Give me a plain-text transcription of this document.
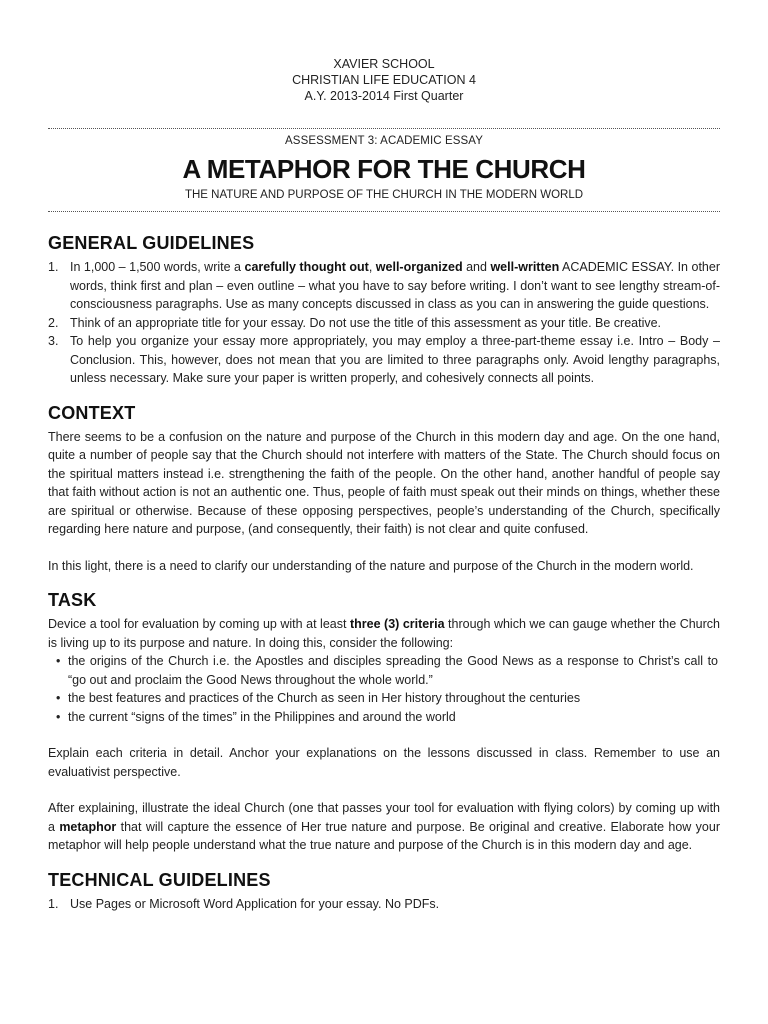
XAVIER SCHOOL
CHRISTIAN LIFE EDUCATION 4
A.Y. 2013-2014 First Quarter
ASSESSMENT 3: ACADEMIC ESSAY
A METAPHOR FOR THE CHURCH
THE NATURE AND PURPOSE OF THE CHURCH IN THE MODERN WORLD
GENERAL GUIDELINES
1. In 1,000 – 1,500 words, write a carefully thought out, well-organized and well-written ACADEMIC ESSAY. In other words, think first and plan – even outline – what you have to say before writing. I don’t want to see lengthy stream-of-consciousness paragraphs. Use as many concepts discussed in class as you can in answering the guide questions.
2. Think of an appropriate title for your essay. Do not use the title of this assessment as your title. Be creative.
3. To help you organize your essay more appropriately, you may employ a three-part-theme essay i.e. Intro – Body – Conclusion. This, however, does not mean that you are limited to three paragraphs only. Avoid lengthy paragraphs, unless necessary. Make sure your paper is written properly, and cohesively connects all points.
CONTEXT

There seems to be a confusion on the nature and purpose of the Church in this modern day and age. On the one hand, quite a number of people say that the Church should not interfere with matters of the State. The Church should focus on the spiritual matters instead i.e. strengthening the faith of the people. On the other hand, another handful of people say that faith without action is not an authentic one. Thus, people of faith must speak out their minds on things, whether these are spiritual or otherwise. Because of these opposing perspectives, people’s understanding of the Church, specifically regarding here nature and purpose, (and consequently, their faith) is not clear and quite confused.

In this light, there is a need to clarify our understanding of the nature and purpose of the Church in the modern world.

TASK

Device a tool for evaluation by coming up with at least three (3) criteria through which we can gauge whether the Church is living up to its purpose and nature. In doing this, consider the following:

• the origins of the Church i.e. the Apostles and disciples spreading the Good News as a response to Christ’s call to “go out and proclaim the Good News throughout the whole world.”
• the best features and practices of the Church as seen in Her history throughout the centuries
• the current “signs of the times” in the Philippines and around the world

Explain each criteria in detail. Anchor your explanations on the lessons discussed in class. Remember to use an evaluativist perspective.

After explaining, illustrate the ideal Church (one that passes your tool for evaluation with flying colors) by coming up with a metaphor that will capture the essence of Her true nature and purpose. Be original and creative. Elaborate how your metaphor will help people understand what the true nature and purpose of the Church is in this modern day and age.

TECHNICAL GUIDELINES
1. Use Pages or Microsoft Word Application for your essay. No PDFs.
